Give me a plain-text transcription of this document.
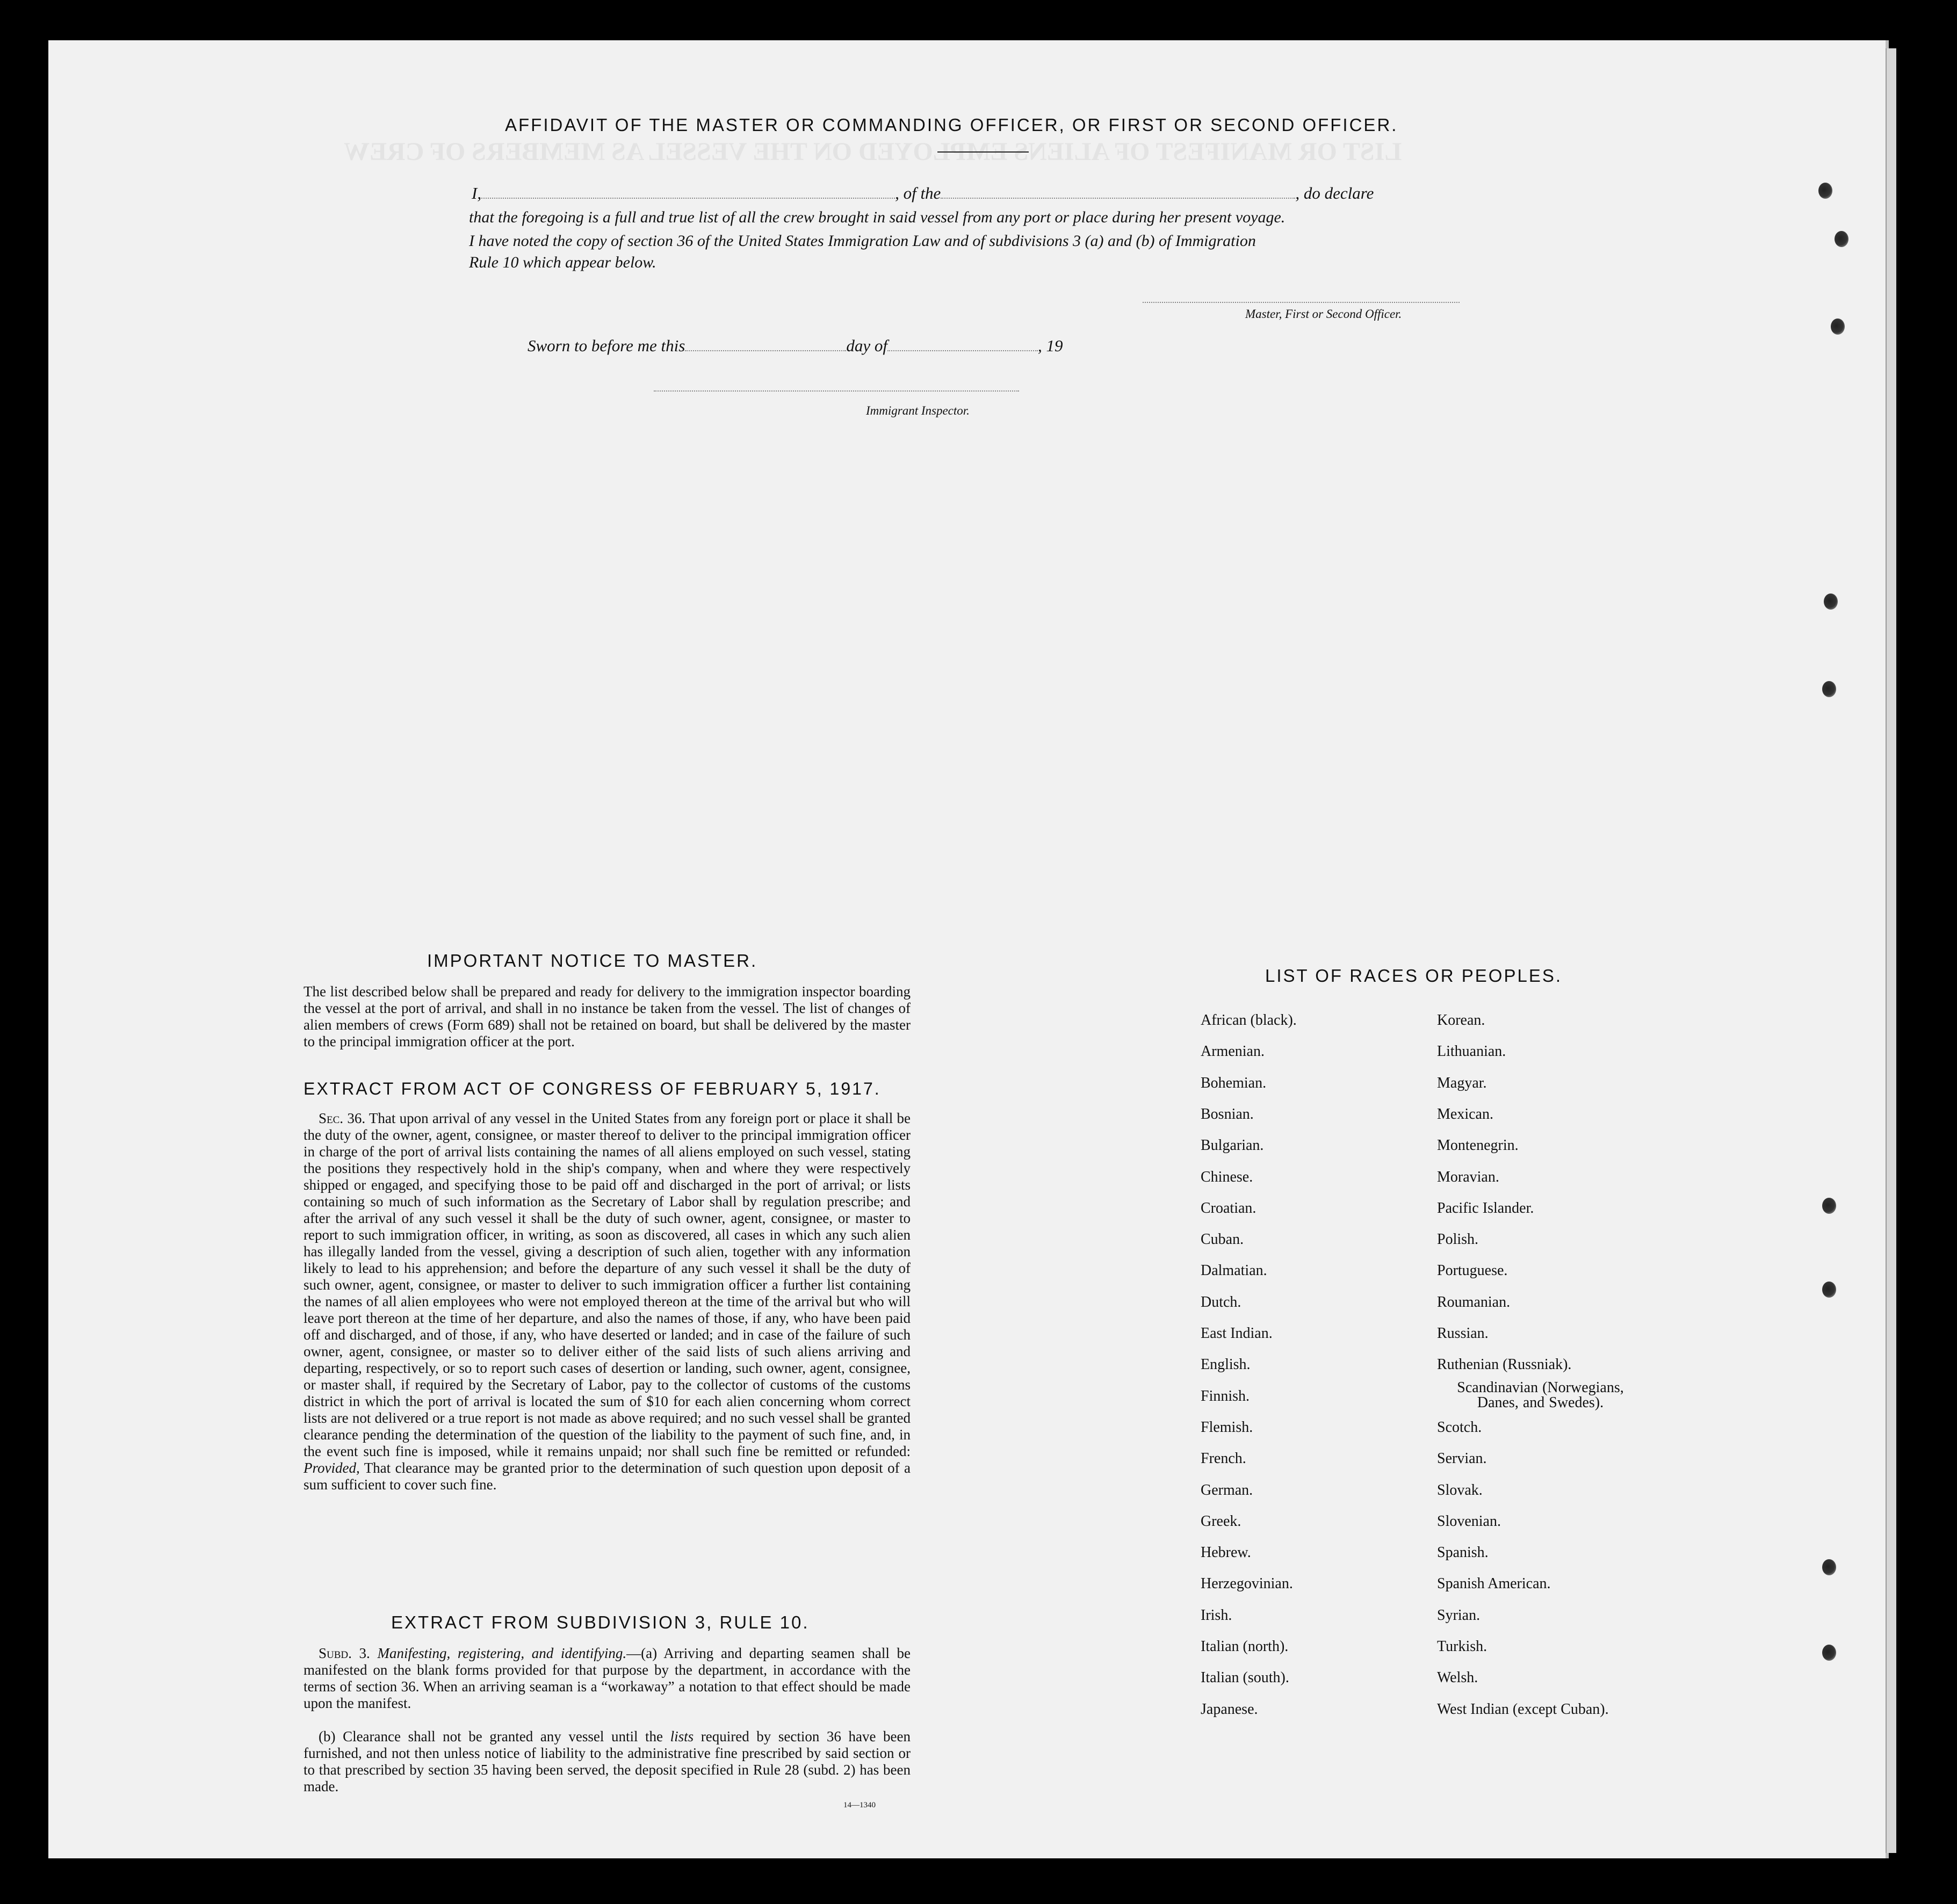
LIST OR MANIFEST OF ALIENS EMPLOYED ON THE VESSEL AS MEMBERS OF CREW
AFFIDAVIT OF THE MASTER OR COMMANDING OFFICER, OR FIRST OR SECOND OFFICER.
I,	, of the	, do declare
that the foregoing is a full and true list of all the crew brought in said vessel from any port or place during her present voyage.
I have noted the copy of section 36 of the United States Immigration Law and of subdivisions 3 (a) and (b) of Immigration
Rule 10 which appear below.
Master, First or Second Officer.
Sworn to before me this	day of	, 19
Immigrant Inspector.
IMPORTANT NOTICE TO MASTER.
The list described below shall be prepared and ready for delivery to the immigration inspector boarding the vessel at the port of arrival, and shall in no instance be taken from the vessel. The list of changes of alien members of crews (Form 689) shall not be retained on board, but shall be delivered by the master to the principal immigration officer at the port.
EXTRACT FROM ACT OF CONGRESS OF FEBRUARY 5, 1917.
Sec. 36. That upon arrival of any vessel in the United States from any foreign port or place it shall be the duty of the owner, agent, consignee, or master thereof to deliver to the principal immigration officer in charge of the port of arrival lists containing the names of all aliens employed on such vessel, stating the positions they respectively hold in the ship's company, when and where they were respectively shipped or engaged, and specifying those to be paid off and discharged in the port of arrival; or lists containing so much of such information as the Secretary of Labor shall by regulation prescribe; and after the arrival of any such vessel it shall be the duty of such owner, agent, consignee, or master to report to such immigration officer, in writing, as soon as discovered, all cases in which any such alien has illegally landed from the vessel, giving a description of such alien, together with any information likely to lead to his apprehension; and before the departure of any such vessel it shall be the duty of such owner, agent, consignee, or master to deliver to such immigration officer a further list containing the names of all alien employees who were not employed thereon at the time of the arrival but who will leave port thereon at the time of her departure, and also the names of those, if any, who have been paid off and discharged, and of those, if any, who have deserted or landed; and in case of the failure of such owner, agent, consignee, or master so to deliver either of the said lists of such aliens arriving and departing, respectively, or so to report such cases of desertion or landing, such owner, agent, consignee, or master shall, if required by the Secretary of Labor, pay to the collector of customs of the customs district in which the port of arrival is located the sum of $10 for each alien concerning whom correct lists are not delivered or a true report is not made as above required; and no such vessel shall be granted clearance pending the determination of the question of the liability to the payment of such fine, and, in the event such fine is imposed, while it remains unpaid; nor shall such fine be remitted or refunded: Provided, That clearance may be granted prior to the determination of such question upon deposit of a sum sufficient to cover such fine.
EXTRACT FROM SUBDIVISION 3, RULE 10.
Subd. 3. Manifesting, registering, and identifying.—(a) Arriving and departing seamen shall be manifested on the blank forms provided for that purpose by the department, in accordance with the terms of section 36. When an arriving seaman is a “workaway” a notation to that effect should be made upon the manifest.
(b) Clearance shall not be granted any vessel until the lists required by section 36 have been furnished, and not then unless notice of liability to the administrative fine prescribed by said section or to that prescribed by section 35 having been served, the deposit specified in Rule 28 (subd. 2) has been made.
14—1340
LIST OF RACES OR PEOPLES.
African (black).
Armenian.
Bohemian.
Bosnian.
Bulgarian.
Chinese.
Croatian.
Cuban.
Dalmatian.
Dutch.
East Indian.
English.
Finnish.
Flemish.
French.
German.
Greek.
Hebrew.
Herzegovinian.
Irish.
Italian (north).
Italian (south).
Japanese.
Korean.
Lithuanian.
Magyar.
Mexican.
Montenegrin.
Moravian.
Pacific Islander.
Polish.
Portuguese.
Roumanian.
Russian.
Ruthenian (Russniak).
Scandinavian (Norwegians, Danes, and Swedes).
Scotch.
Servian.
Slovak.
Slovenian.
Spanish.
Spanish American.
Syrian.
Turkish.
Welsh.
West Indian (except Cuban).
